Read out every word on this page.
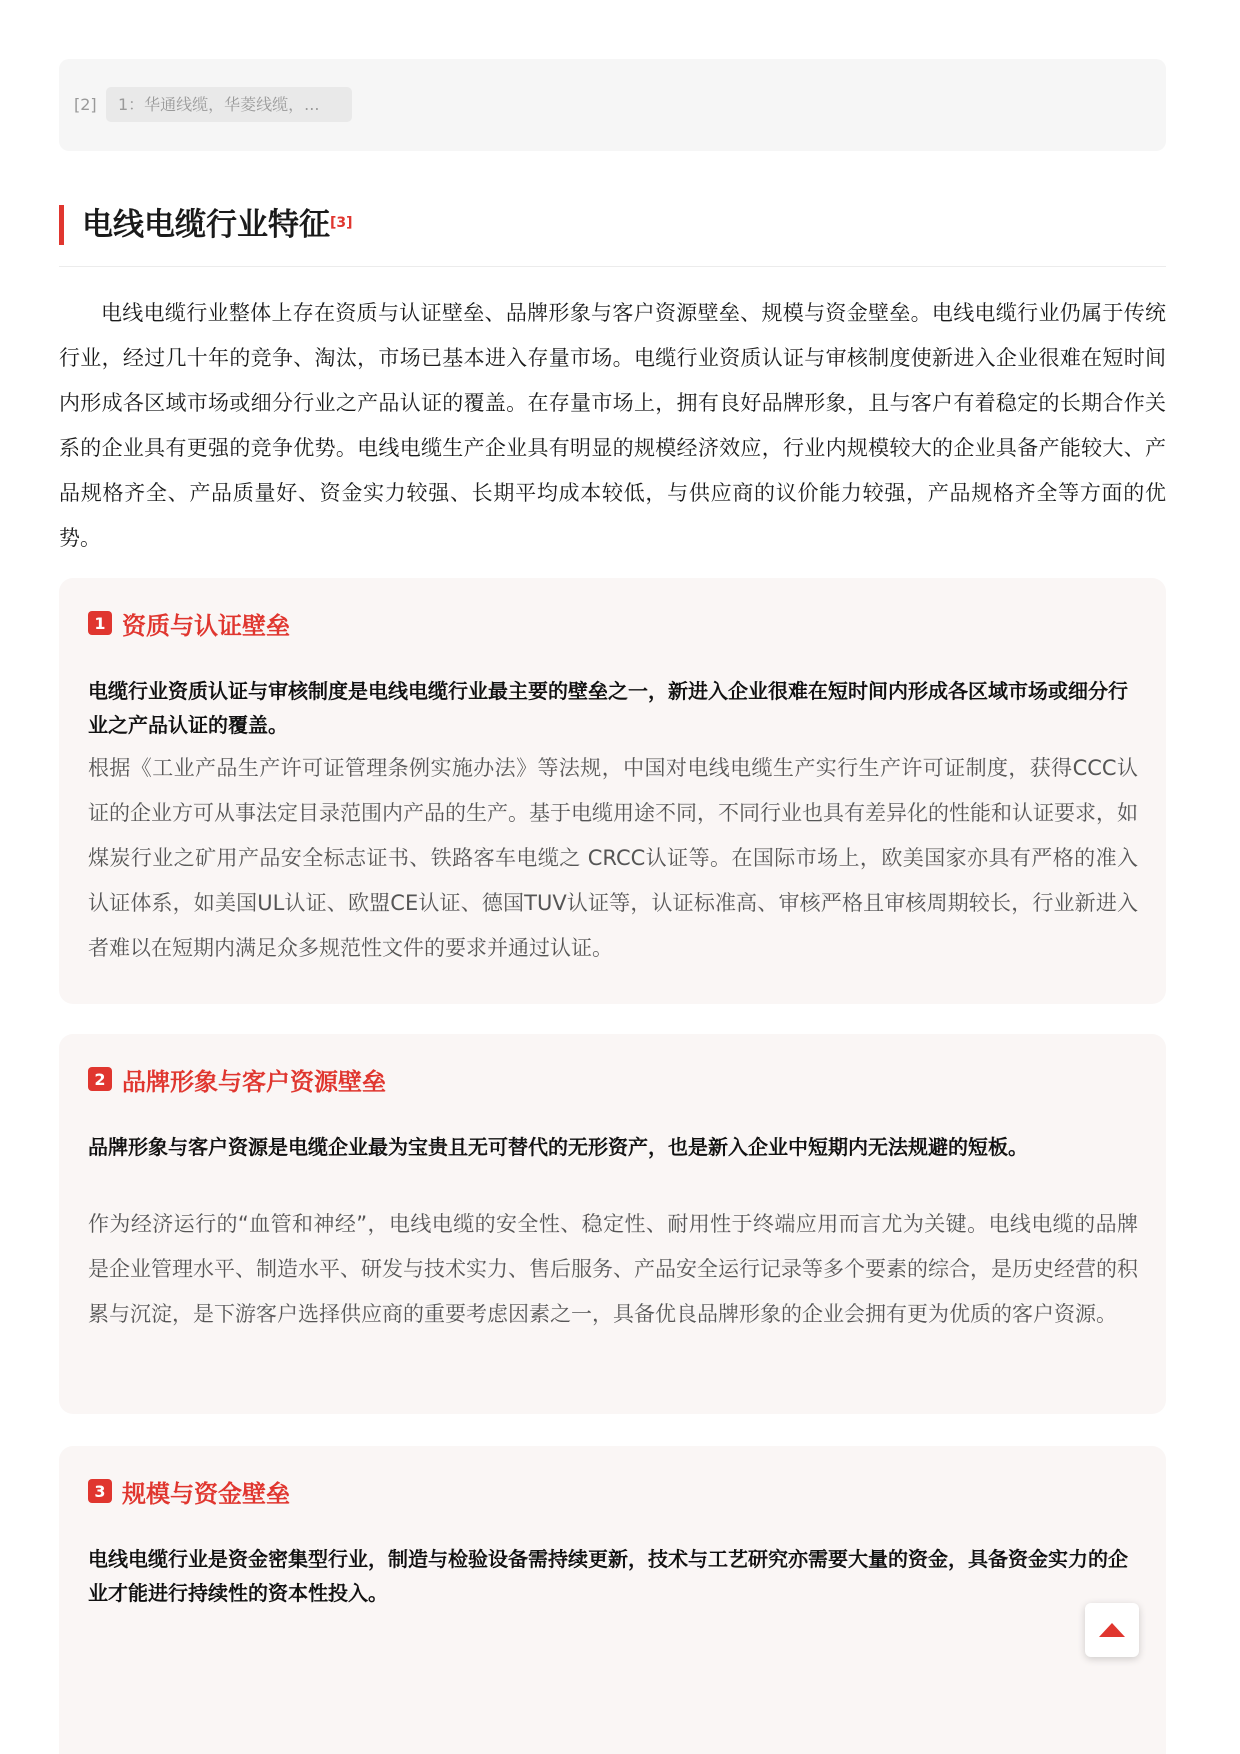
[2]	1：华通线缆，华菱线缆，...
电线电缆行业特征[3]

电线电缆行业整体上存在资质与认证壁垒、品牌形象与客户资源壁垒、规模与资金壁垒。电线电缆行业仍属于传统行业，经过几十年的竞争、淘汰，市场已基本进入存量市场。电缆行业资质认证与审核制度使新进入企业很难在短时间内形成各区域市场或细分行业之产品认证的覆盖。在存量市场上，拥有良好品牌形象，且与客户有着稳定的长期合作关系的企业具有更强的竞争优势。电线电缆生产企业具有明显的规模经济效应，行业内规模较大的企业具备产能较大、产品规格齐全、产品质量好、资金实力较强、长期平均成本较低，与供应商的议价能力较强，产品规格齐全等方面的优势。

1 资质与认证壁垒

电缆行业资质认证与审核制度是电线电缆行业最主要的壁垒之一，新进入企业很难在短时间内形成各区域市场或细分行业之产品认证的覆盖。

根据《工业产品生产许可证管理条例实施办法》等法规，中国对电线电缆生产实行生产许可证制度，获得CCC认证的企业方可从事法定目录范围内产品的生产。基于电缆用途不同，不同行业也具有差异化的性能和认证要求，如煤炭行业之矿用产品安全标志证书、铁路客车电缆之 CRCC认证等。在国际市场上，欧美国家亦具有严格的准入认证体系，如美国UL认证、欧盟CE认证、德国TUV认证等，认证标准高、审核严格且审核周期较长，行业新进入者难以在短期内满足众多规范性文件的要求并通过认证。

2 品牌形象与客户资源壁垒

品牌形象与客户资源是电缆企业最为宝贵且无可替代的无形资产，也是新入企业中短期内无法规避的短板。

作为经济运行的“血管和神经”，电线电缆的安全性、稳定性、耐用性于终端应用而言尤为关键。电线电缆的品牌是企业管理水平、制造水平、研发与技术实力、售后服务、产品安全运行记录等多个要素的综合，是历史经营的积累与沉淀，是下游客户选择供应商的重要考虑因素之一，具备优良品牌形象的企业会拥有更为优质的客户资源。

3 规模与资金壁垒

电线电缆行业是资金密集型行业，制造与检验设备需持续更新，技术与工艺研究亦需要大量的资金，具备资金实力的企业才能进行持续性的资本性投入。
